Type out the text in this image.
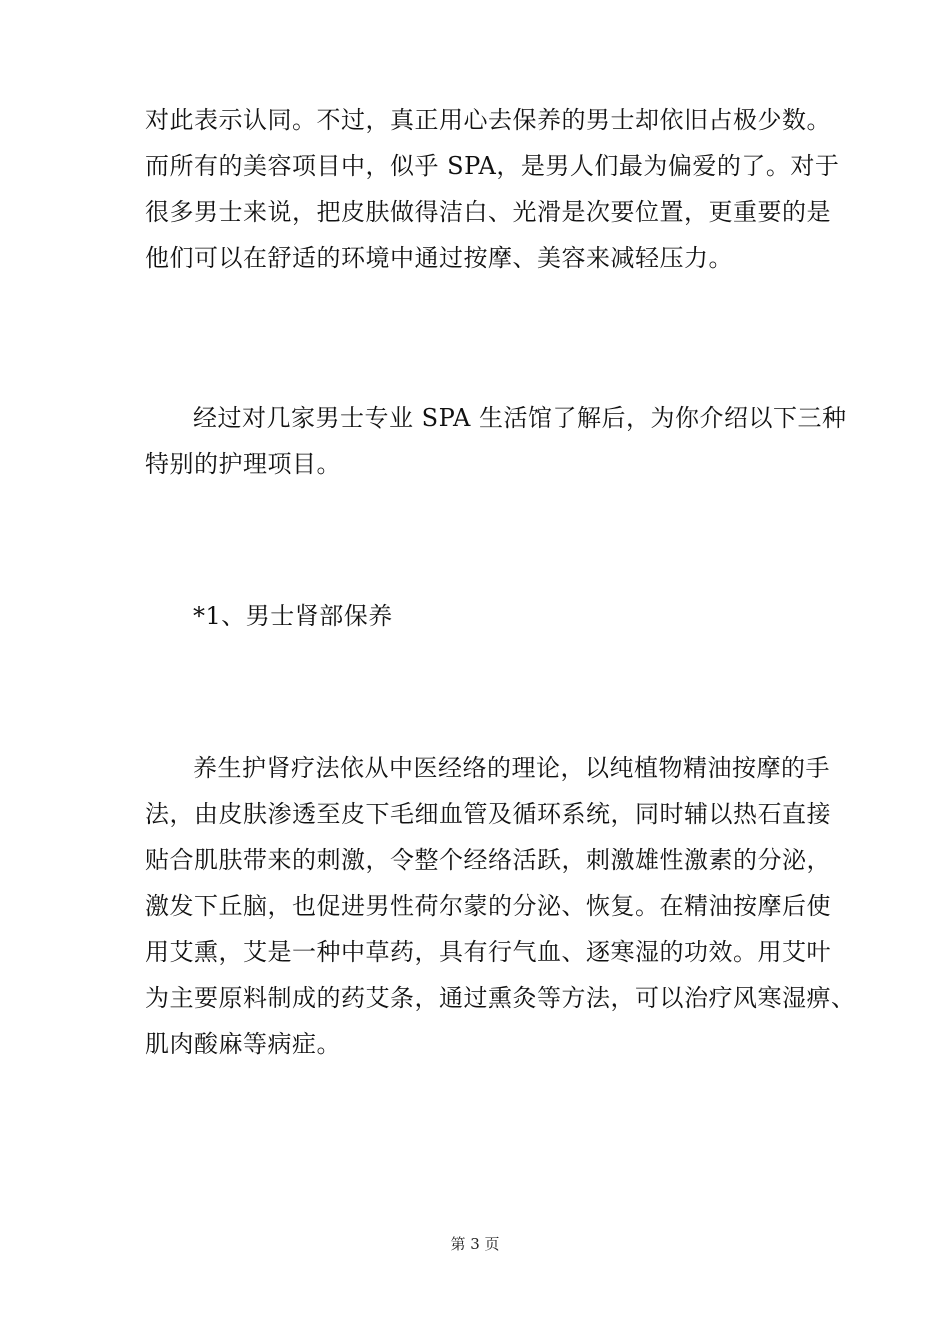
对此表示认同。不过，真正用心去保养的男士却依旧占极少数。
而所有的美容项目中，似乎 SPA，是男人们最为偏爱的了。对于
很多男士来说，把皮肤做得洁白、光滑是次要位置，更重要的是
他们可以在舒适的环境中通过按摩、美容来减轻压力。
经过对几家男士专业 SPA 生活馆了解后，为你介绍以下三种
特别的护理项目。
*1、男士肾部保养
养生护肾疗法依从中医经络的理论，以纯植物精油按摩的手
法，由皮肤渗透至皮下毛细血管及循环系统，同时辅以热石直接
贴合肌肤带来的刺激，令整个经络活跃，刺激雄性激素的分泌，
激发下丘脑，也促进男性荷尔蒙的分泌、恢复。在精油按摩后使
用艾熏，艾是一种中草药，具有行气血、逐寒湿的功效。用艾叶
为主要原料制成的药艾条，通过熏灸等方法，可以治疗风寒湿痹、
肌肉酸麻等病症。
第 3 页
